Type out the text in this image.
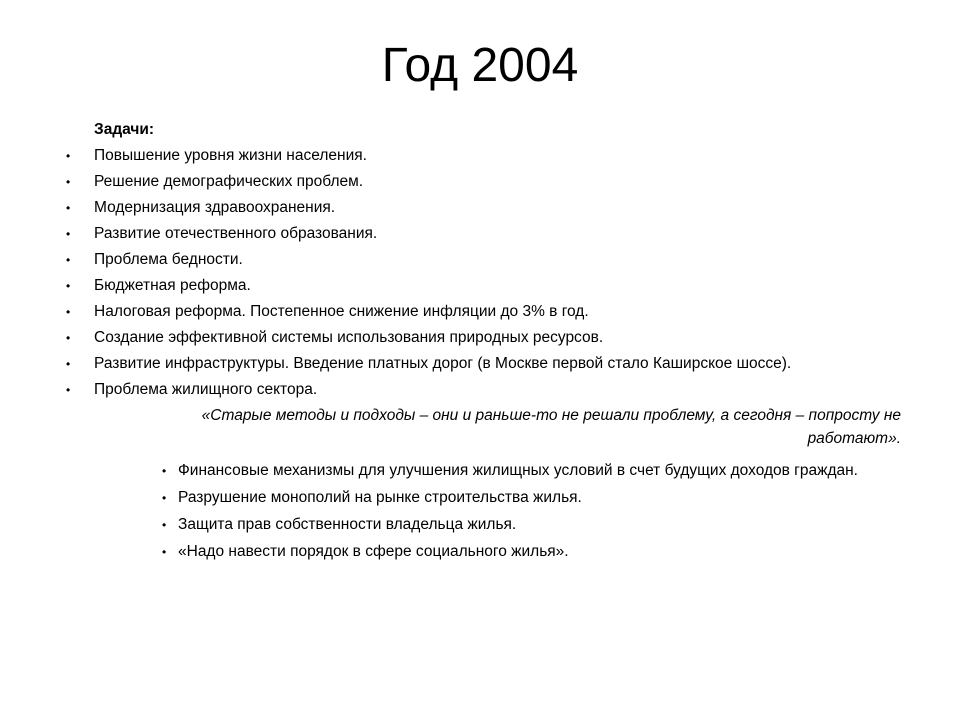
Год 2004
Задачи:
• Повышение уровня жизни населения.
• Решение демографических проблем.
• Модернизация здравоохранения.
• Развитие отечественного образования.
• Проблема бедности.
• Бюджетная реформа.
• Налоговая реформа. Постепенное снижение инфляции до 3% в год.
• Создание эффективной системы использования природных ресурсов.
• Развитие инфраструктуры. Введение платных дорог (в Москве первой стало Каширское шоссе).
• Проблема жилищного сектора.

«Старые методы и подходы – они и раньше-то не решали проблему, а сегодня – попросту не работают».

• Финансовые механизмы для улучшения жилищных условий в счет будущих доходов граждан.
• Разрушение монополий на рынке строительства жилья.
• Защита прав собственности владельца жилья.
• «Надо навести порядок в сфере социального жилья».
